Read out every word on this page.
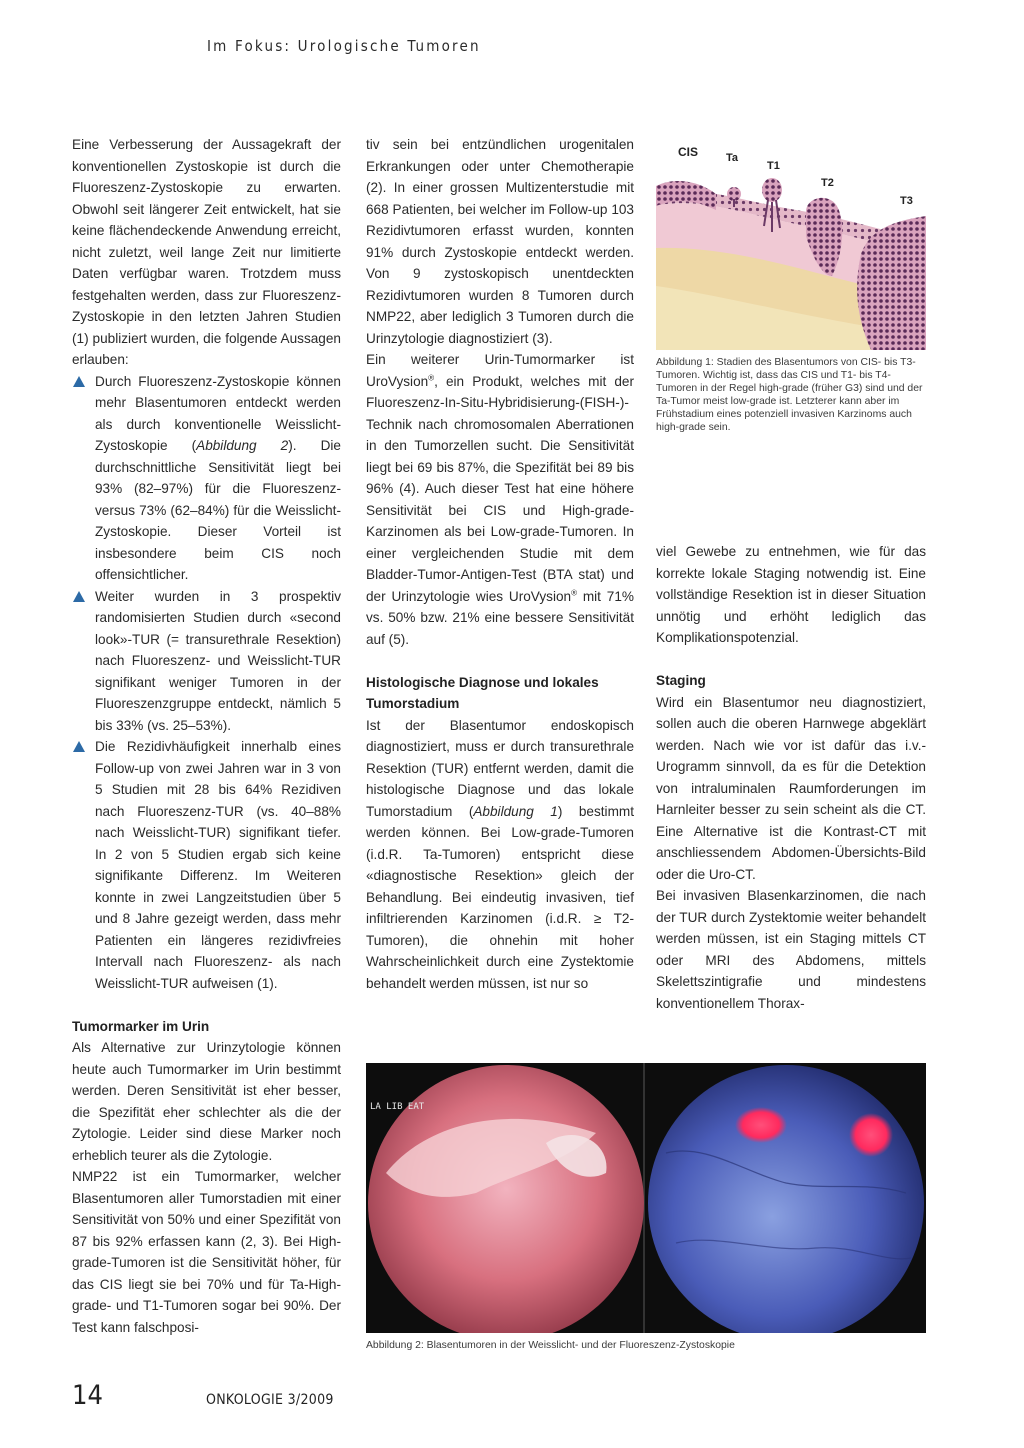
Im Fokus: Urologische Tumoren

Eine Verbesserung der Aussagekraft der konventionellen Zystoskopie ist durch die Fluoreszenz-Zystoskopie zu erwarten. Obwohl seit längerer Zeit entwickelt, hat sie keine flächendeckende Anwendung erreicht, nicht zuletzt, weil lange Zeit nur limitierte Daten verfügbar waren. Trotzdem muss festgehalten werden, dass zur Fluoreszenz-Zystoskopie in den letzten Jahren Studien (1) publiziert wurden, die folgende Aussagen erlauben:

Durch Fluoreszenz-Zystoskopie können mehr Blasentumoren entdeckt werden als durch konventionelle Weisslicht-Zystoskopie (Abbildung 2). Die durchschnittliche Sensitivität liegt bei 93% (82–97%) für die Fluoreszenz- versus 73% (62–84%) für die Weisslicht-Zystoskopie. Dieser Vorteil ist insbesondere beim CIS noch offensichtlicher.
Weiter wurden in 3 prospektiv randomisierten Studien durch «second look»-TUR (= transurethrale Resektion) nach Fluoreszenz- und Weisslicht-TUR signifikant weniger Tumoren in der Fluoreszenzgruppe entdeckt, nämlich 5 bis 33% (vs. 25–53%).
Die Rezidivhäufigkeit innerhalb eines Follow-up von zwei Jahren war in 3 von 5 Studien mit 28 bis 64% Rezidiven nach Fluoreszenz-TUR (vs. 40–88% nach Weisslicht-TUR) signifikant tiefer. In 2 von 5 Studien ergab sich keine signifikante Differenz. Im Weiteren konnte in zwei Langzeitstudien über 5 und 8 Jahre gezeigt werden, dass mehr Patienten ein längeres rezidivfreies Intervall nach Fluoreszenz- als nach Weisslicht-TUR aufweisen (1).
Tumormarker im Urin

Als Alternative zur Urinzytologie können heute auch Tumormarker im Urin bestimmt werden. Deren Sensitivität ist eher besser, die Spezifität eher schlechter als die der Zytologie. Leider sind diese Marker noch erheblich teurer als die Zytologie.

NMP22 ist ein Tumormarker, welcher Blasentumoren aller Tumorstadien mit einer Sensitivität von 50% und einer Spezifität von 87 bis 92% erfassen kann (2, 3). Bei High-grade-Tumoren ist die Sensitivität höher, für das CIS liegt sie bei 70% und für Ta-High-grade- und T1-Tumoren sogar bei 90%. Der Test kann falschposi-

tiv sein bei entzündlichen urogenitalen Erkrankungen oder unter Chemotherapie (2). In einer grossen Multizenterstudie mit 668 Patienten, bei welcher im Follow-up 103 Rezidivtumoren erfasst wurden, konnten 91% durch Zystoskopie entdeckt werden. Von 9 zystoskopisch unentdeckten Rezidivtumoren wurden 8 Tumoren durch NMP22, aber lediglich 3 Tumoren durch die Urinzytologie diagnostiziert (3).

Ein weiterer Urin-Tumormarker ist UroVysion®, ein Produkt, welches mit der Fluoreszenz-In-Situ-Hybridisierung-(FISH-)-Technik nach chromosomalen Aberrationen in den Tumorzellen sucht. Die Sensitivität liegt bei 69 bis 87%, die Spezifität bei 89 bis 96% (4). Auch dieser Test hat eine höhere Sensitivität bei CIS und High-grade-Karzinomen als bei Low-grade-Tumoren. In einer vergleichenden Studie mit dem Bladder-Tumor-Antigen-Test (BTA stat) und der Urinzytologie wies UroVysion® mit 71% vs. 50% bzw. 21% eine bessere Sensitivität auf (5).

Histologische Diagnose und lokales Tumorstadium

Ist der Blasentumor endoskopisch diagnostiziert, muss er durch transurethrale Resektion (TUR) entfernt werden, damit die histologische Diagnose und das lokale Tumorstadium (Abbildung 1) bestimmt werden können. Bei Low-grade-Tumoren (i.d.R. Ta-Tumoren) entspricht diese «diagnostische Resektion» gleich der Behandlung. Bei eindeutig invasiven, tief infiltrierenden Karzinomen (i.d.R. ≥ T2-Tumoren), die ohnehin mit hoher Wahrscheinlichkeit durch eine Zystektomie behandelt werden müssen, ist nur so

CIS	Ta
T1
T2
T3
Abbildung 1: Stadien des Blasentumors von CIS- bis T3-Tumoren. Wichtig ist, dass das CIS und T1- bis T4-Tumoren in der Regel high-grade (früher G3) sind und der Ta-Tumor meist low-grade ist. Letzterer kann aber im Frühstadium eines potenziell invasiven Karzinoms auch high-grade sein.

viel Gewebe zu entnehmen, wie für das korrekte lokale Staging notwendig ist. Eine vollständige Resektion ist in dieser Situation unnötig und erhöht lediglich das Komplikationspotenzial.

Staging

Wird ein Blasentumor neu diagnostiziert, sollen auch die oberen Harnwege abgeklärt werden. Nach wie vor ist dafür das i.v.-Urogramm sinnvoll, da es für die Detektion von intraluminalen Raumforderungen im Harnleiter besser zu sein scheint als die CT. Eine Alternative ist die Kontrast-CT mit anschliessendem Abdomen-Übersichts-Bild oder die Uro-CT.

Bei invasiven Blasenkarzinomen, die nach der TUR durch Zystektomie weiter behandelt werden müssen, ist ein Staging mittels CT oder MRI des Abdomens, mittels Skelettszintigrafie und mindestens konventionellem Thorax-

LA LIB EAT
Abbildung 2: Blasentumoren in der Weisslicht- und der Fluoreszenz-Zystoskopie
14	ONKOLOGIE 3/2009
